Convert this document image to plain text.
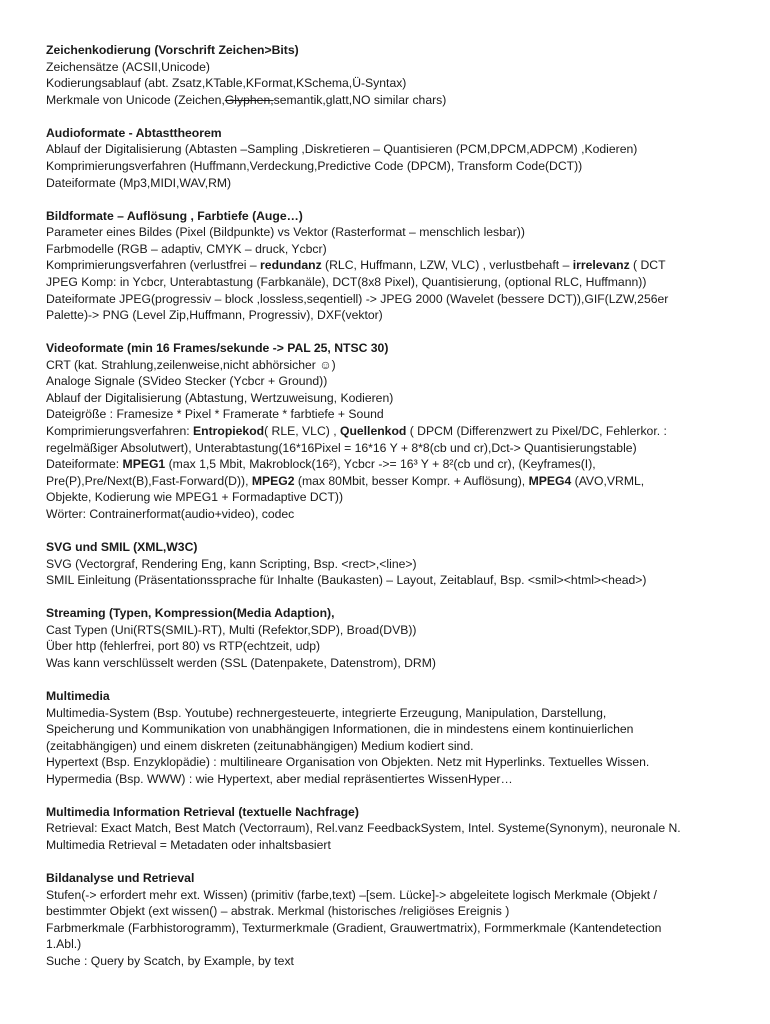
Zeichenkodierung (Vorschrift Zeichen>Bits)
Zeichensätze (ACSII,Unicode)
Kodierungsablauf (abt. Zsatz,KTable,KFormat,KSchema,Ü-Syntax)
Merkmale von Unicode (Zeichen,Glyphen,semantik,glatt,NO similar chars)
Audioformate - Abtasttheorem
Ablauf der Digitalisierung (Abtasten –Sampling ,Diskretieren – Quantisieren (PCM,DPCM,ADPCM) ,Kodieren)
Komprimierungsverfahren (Huffmann,Verdeckung,Predictive Code (DPCM), Transform Code(DCT))
Dateiformate (Mp3,MIDI,WAV,RM)
Bildformate – Auflösung , Farbtiefe (Auge…)
Parameter eines Bildes (Pixel (Bildpunkte) vs Vektor (Rasterformat – menschlich lesbar))
Farbmodelle (RGB – adaptiv, CMYK – druck, Ycbcr)
Komprimierungsverfahren (verlustfrei – redundanz (RLC, Huffmann, LZW, VLC) , verlustbehaft – irrelevanz ( DCT
JPEG Komp: in Ycbcr, Unterabtastung (Farbkanäle), DCT(8x8 Pixel), Quantisierung, (optional RLC, Huffmann))
Dateiformate JPEG(progressiv – block ,lossless,seqentiell) -> JPEG 2000 (Wavelet (bessere DCT)),GIF(LZW,256er
Palette)-> PNG (Level Zip,Huffmann, Progressiv), DXF(vektor)
Videoformate (min 16 Frames/sekunde -> PAL 25, NTSC 30)
CRT (kat. Strahlung,zeilenweise,nicht abhörsicher ☺)
Analoge Signale (SVideo Stecker (Ycbcr + Ground))
Ablauf der Digitalisierung (Abtastung, Wertzuweisung, Kodieren)
Dateigröße : Framesize * Pixel * Framerate * farbtiefe + Sound
Komprimierungsverfahren: Entropiekod( RLE, VLC) , Quellenkod ( DPCM (Differenzwert zu Pixel/DC, Fehlerkor. :
regelmäßiger Absolutwert), Unterabtastung(16*16Pixel = 16*16 Y + 8*8(cb und cr),Dct-> Quantisierungstable)
Dateiformate: MPEG1 (max 1,5 Mbit, Makroblock(16²), Ycbcr ->= 16³ Y + 8²(cb und cr), (Keyframes(I),
Pre(P),Pre/Next(B),Fast-Forward(D)), MPEG2 (max 80Mbit, besser Kompr. + Auflösung), MPEG4 (AVO,VRML,
Objekte, Kodierung wie MPEG1 + Formadaptive DCT))
Wörter: Contrainerformat(audio+video), codec
SVG und SMIL (XML,W3C)
SVG (Vectorgraf, Rendering Eng, kann Scripting, Bsp. <rect>,<line>)
SMIL Einleitung (Präsentationssprache für Inhalte (Baukasten) – Layout, Zeitablauf, Bsp. <smil><html><head>)
Streaming (Typen, Kompression(Media Adaption),
Cast Typen (Uni(RTS(SMIL)-RT), Multi (Refektor,SDP), Broad(DVB))
Über http (fehlerfrei, port 80) vs RTP(echtzeit, udp)
Was kann verschlüsselt werden (SSL (Datenpakete, Datenstrom), DRM)
Multimedia
Multimedia-System (Bsp. Youtube) rechnergesteuerte, integrierte Erzeugung, Manipulation, Darstellung,
Speicherung und Kommunikation von unabhängigen Informationen, die in mindestens einem kontinuierlichen
(zeitabhängigen) und einem diskreten (zeitunabhängigen) Medium kodiert sind.
Hypertext (Bsp. Enzyklopädie) : multilineare Organisation von Objekten. Netz mit Hyperlinks. Textuelles Wissen.
Hypermedia (Bsp. WWW) : wie Hypertext, aber medial repräsentiertes WissenHyper…
Multimedia Information Retrieval (textuelle Nachfrage)
Retrieval: Exact Match, Best Match (Vectorraum), Rel.vanz FeedbackSystem, Intel. Systeme(Synonym), neuronale N.
Multimedia Retrieval = Metadaten oder inhaltsbasiert
Bildanalyse und Retrieval
Stufen(-> erfordert mehr ext. Wissen) (primitiv (farbe,text) –[sem. Lücke]-> abgeleitete logisch Merkmale (Objekt /
bestimmter Objekt (ext wissen() – abstrak. Merkmal (historisches /religiöses Ereignis )
Farbmerkmale (Farbhistorogramm), Texturmerkmale (Gradient, Grauwertmatrix), Formmerkmale (Kantendetection
1.Abl.)
Suche : Query by Scatch, by Example, by text
